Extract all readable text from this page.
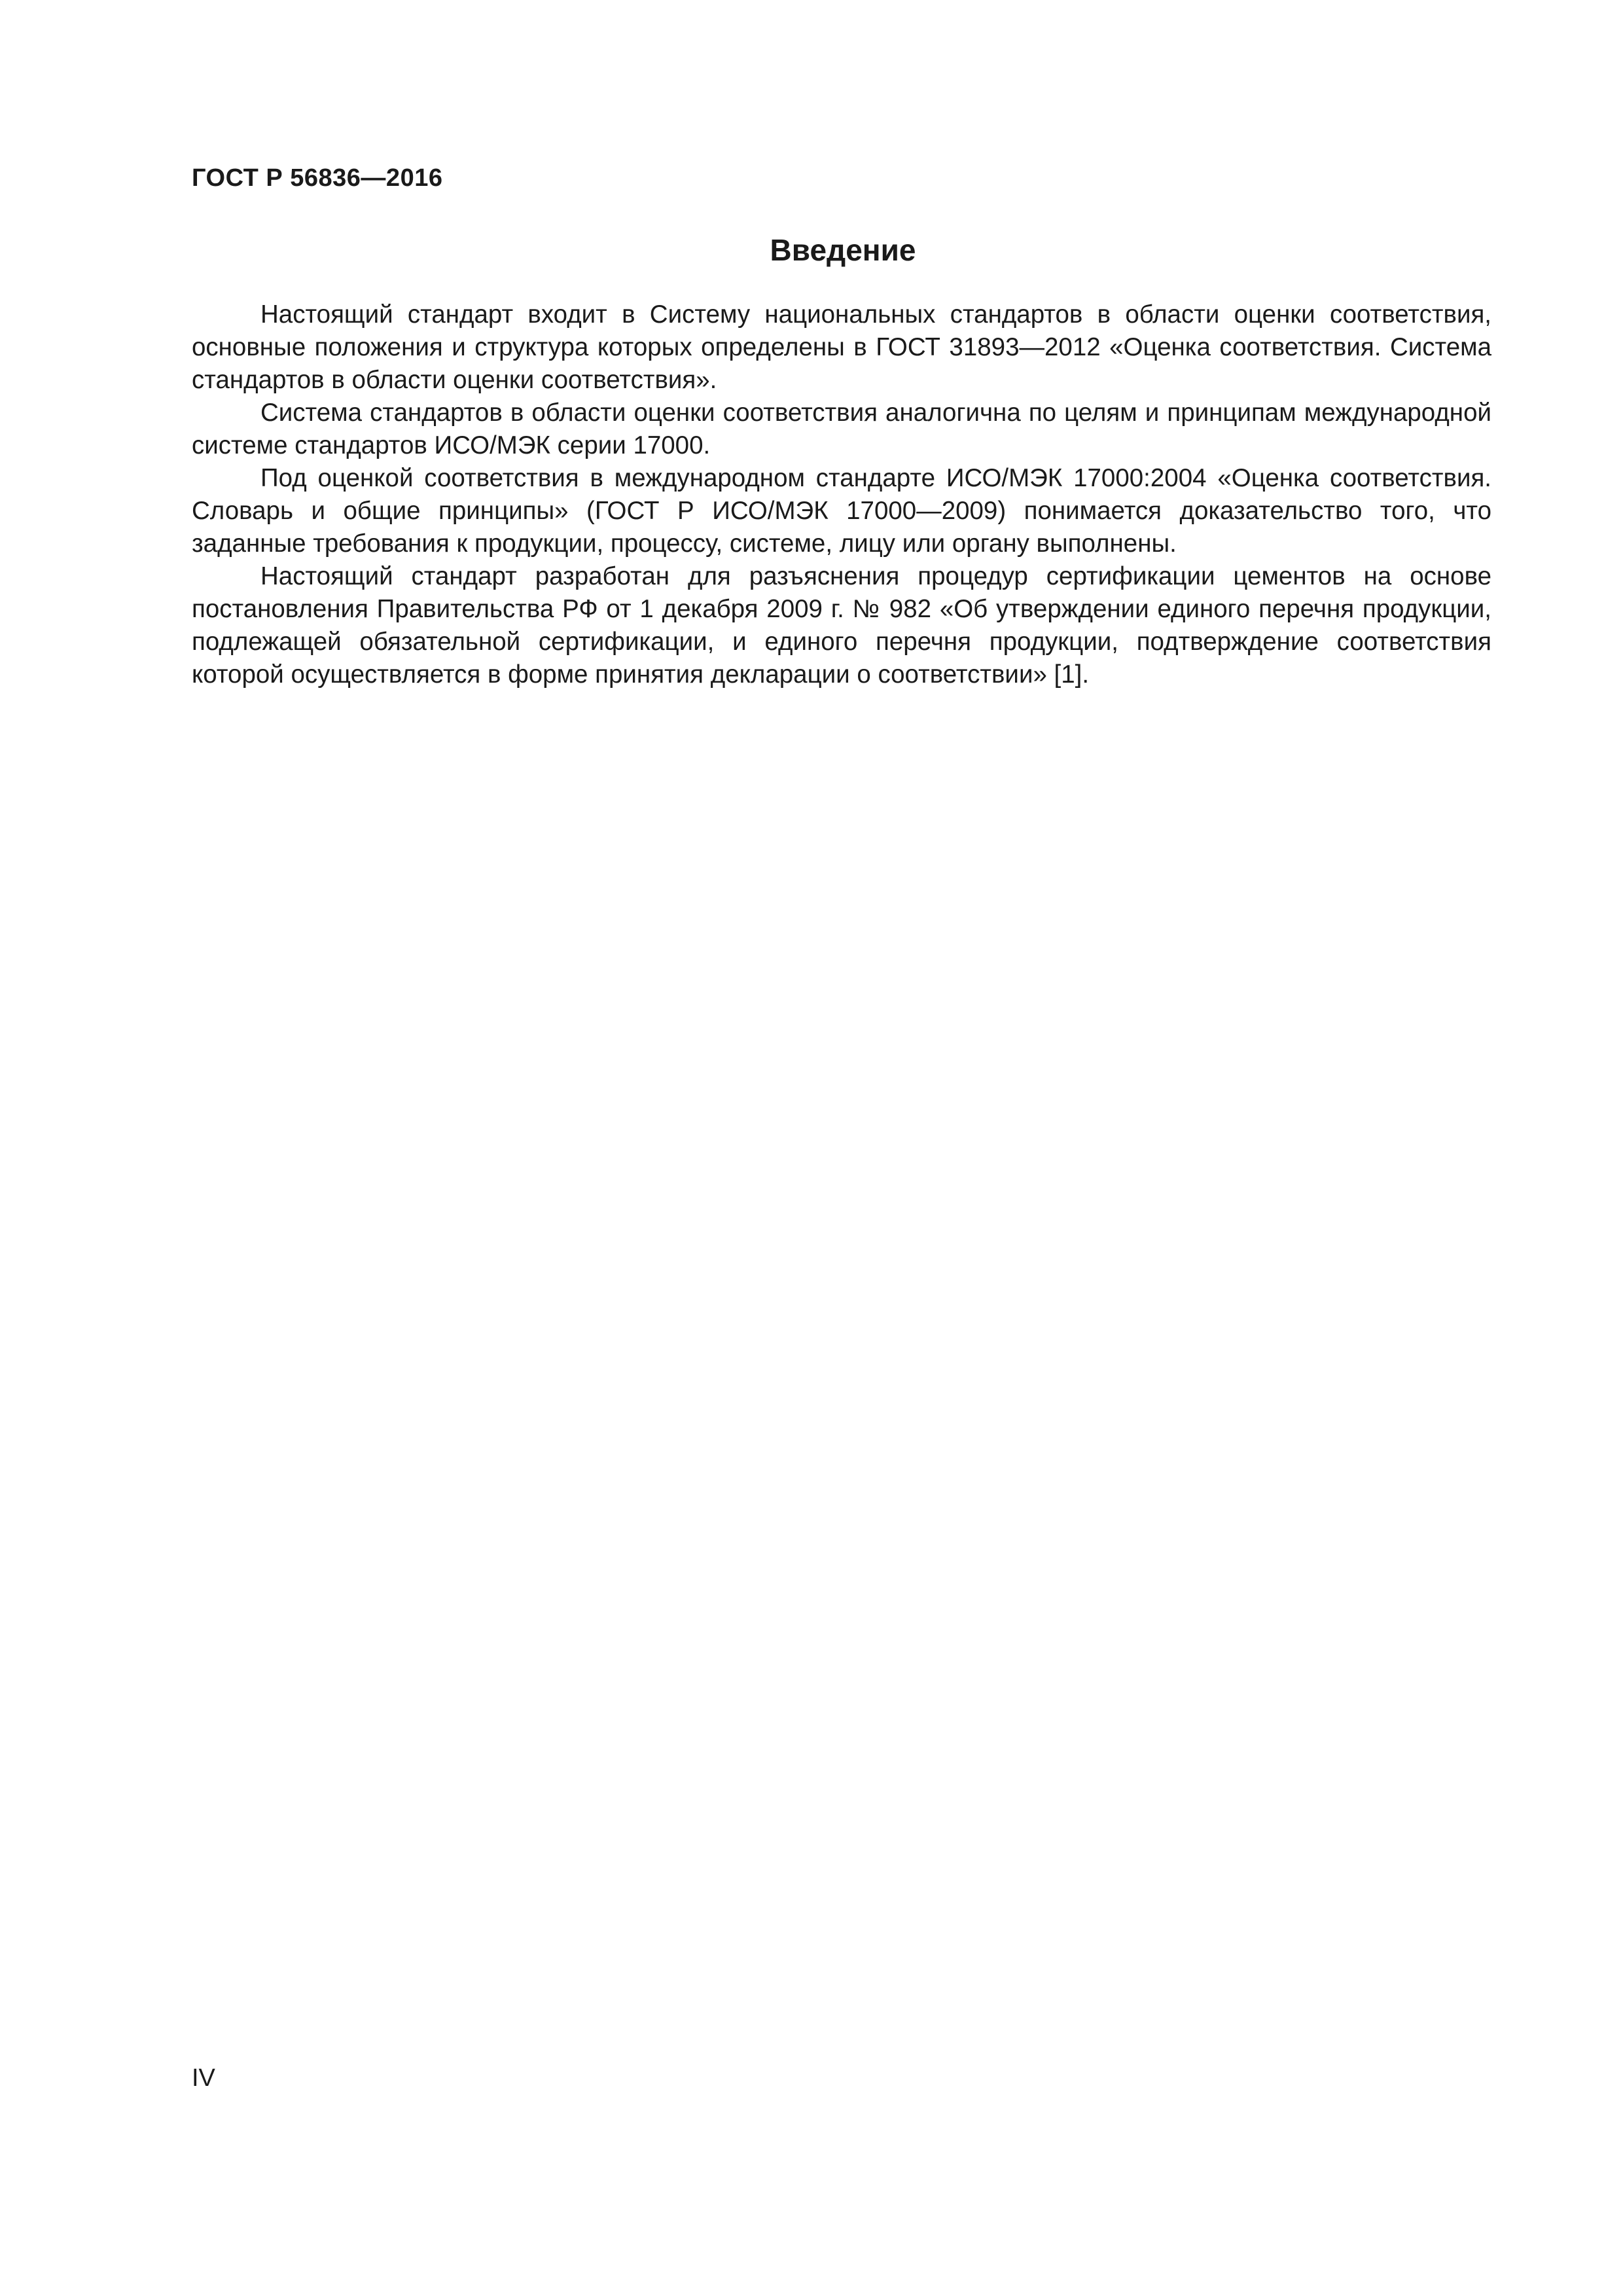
ГОСТ Р 56836—2016
Введение

Настоящий стандарт входит в Систему национальных стандартов в области оценки соответствия, основные положения и структура которых определены в ГОСТ 31893—2012 «Оценка соответствия. Система стандартов в области оценки соответствия».

Система стандартов в области оценки соответствия аналогична по целям и принципам международной системе стандартов ИСО/МЭК серии 17000.

Под оценкой соответствия в международном стандарте ИСО/МЭК 17000:2004 «Оценка соответствия. Словарь и общие принципы» (ГОСТ Р ИСО/МЭК 17000—2009) понимается доказательство того, что заданные требования к продукции, процессу, системе, лицу или органу выполнены.

Настоящий стандарт разработан для разъяснения процедур сертификации цементов на основе постановления Правительства РФ от 1 декабря 2009 г. № 982 «Об утверждении единого перечня продукции, подлежащей обязательной сертификации, и единого перечня продукции, подтверждение соответствия которой осуществляется в форме принятия декларации о соответствии» [1].

IV
